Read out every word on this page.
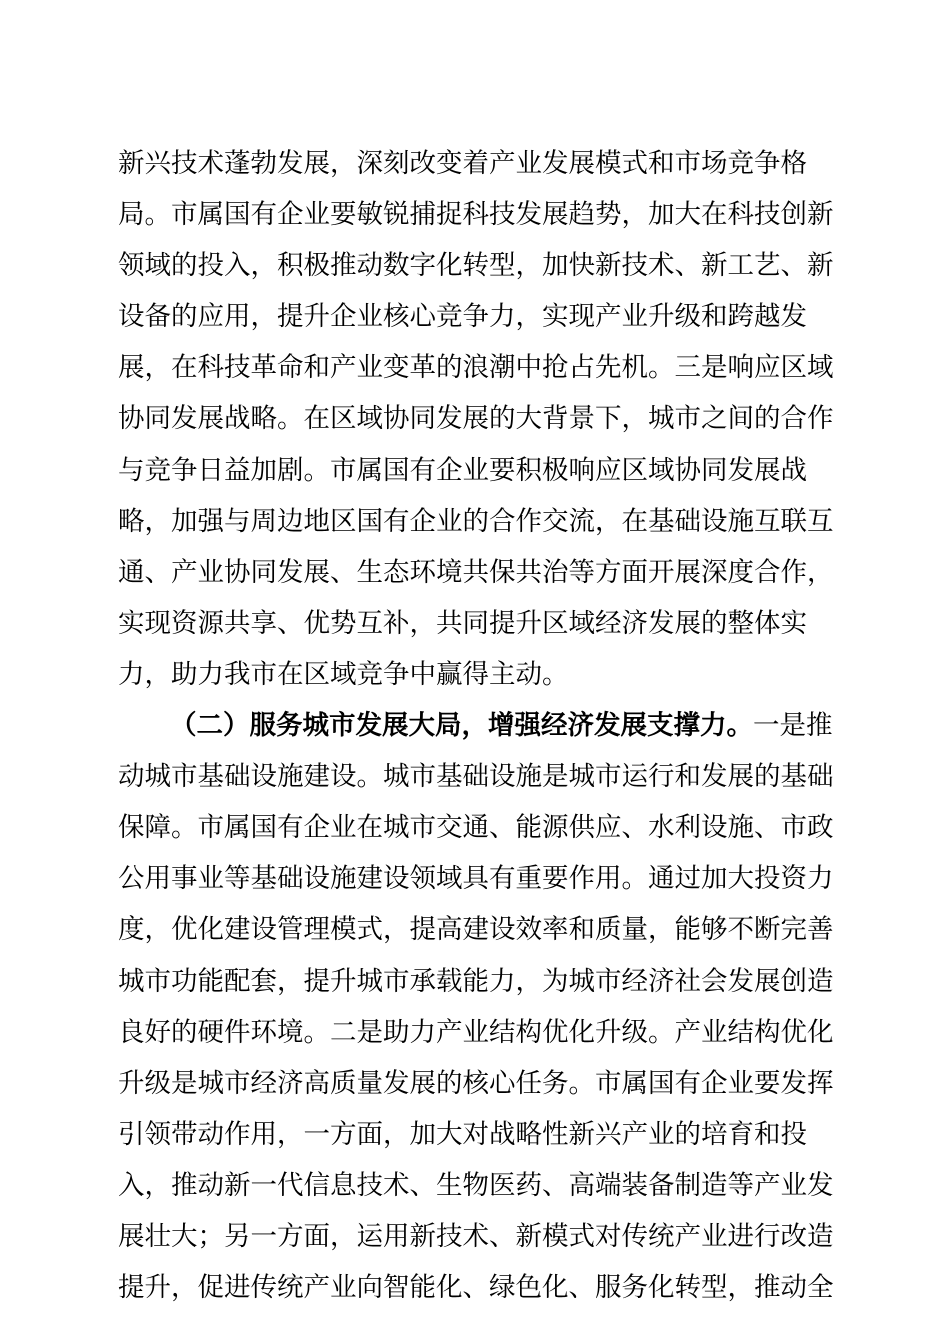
新兴技术蓬勃发展，深刻改变着产业发展模式和市场竞争格
局。市属国有企业要敏锐捕捉科技发展趋势，加大在科技创新
领域的投入，积极推动数字化转型，加快新技术、新工艺、新
设备的应用，提升企业核心竞争力，实现产业升级和跨越发
展，在科技革命和产业变革的浪潮中抢占先机。三是响应区域
协同发展战略。在区域协同发展的大背景下，城市之间的合作
与竞争日益加剧。市属国有企业要积极响应区域协同发展战
略，加强与周边地区国有企业的合作交流，在基础设施互联互
通、产业协同发展、生态环境共保共治等方面开展深度合作，
实现资源共享、优势互补，共同提升区域经济发展的整体实
力，助力我市在区域竞争中赢得主动。
（二）服务城市发展大局，增强经济发展支撑力。一是推
动城市基础设施建设。城市基础设施是城市运行和发展的基础
保障。市属国有企业在城市交通、能源供应、水利设施、市政
公用事业等基础设施建设领域具有重要作用。通过加大投资力
度，优化建设管理模式，提高建设效率和质量，能够不断完善
城市功能配套，提升城市承载能力，为城市经济社会发展创造
良好的硬件环境。二是助力产业结构优化升级。产业结构优化
升级是城市经济高质量发展的核心任务。市属国有企业要发挥
引领带动作用，一方面，加大对战略性新兴产业的培育和投
入，推动新一代信息技术、生物医药、高端装备制造等产业发
展壮大；另一方面，运用新技术、新模式对传统产业进行改造
提升，促进传统产业向智能化、绿色化、服务化转型，推动全
